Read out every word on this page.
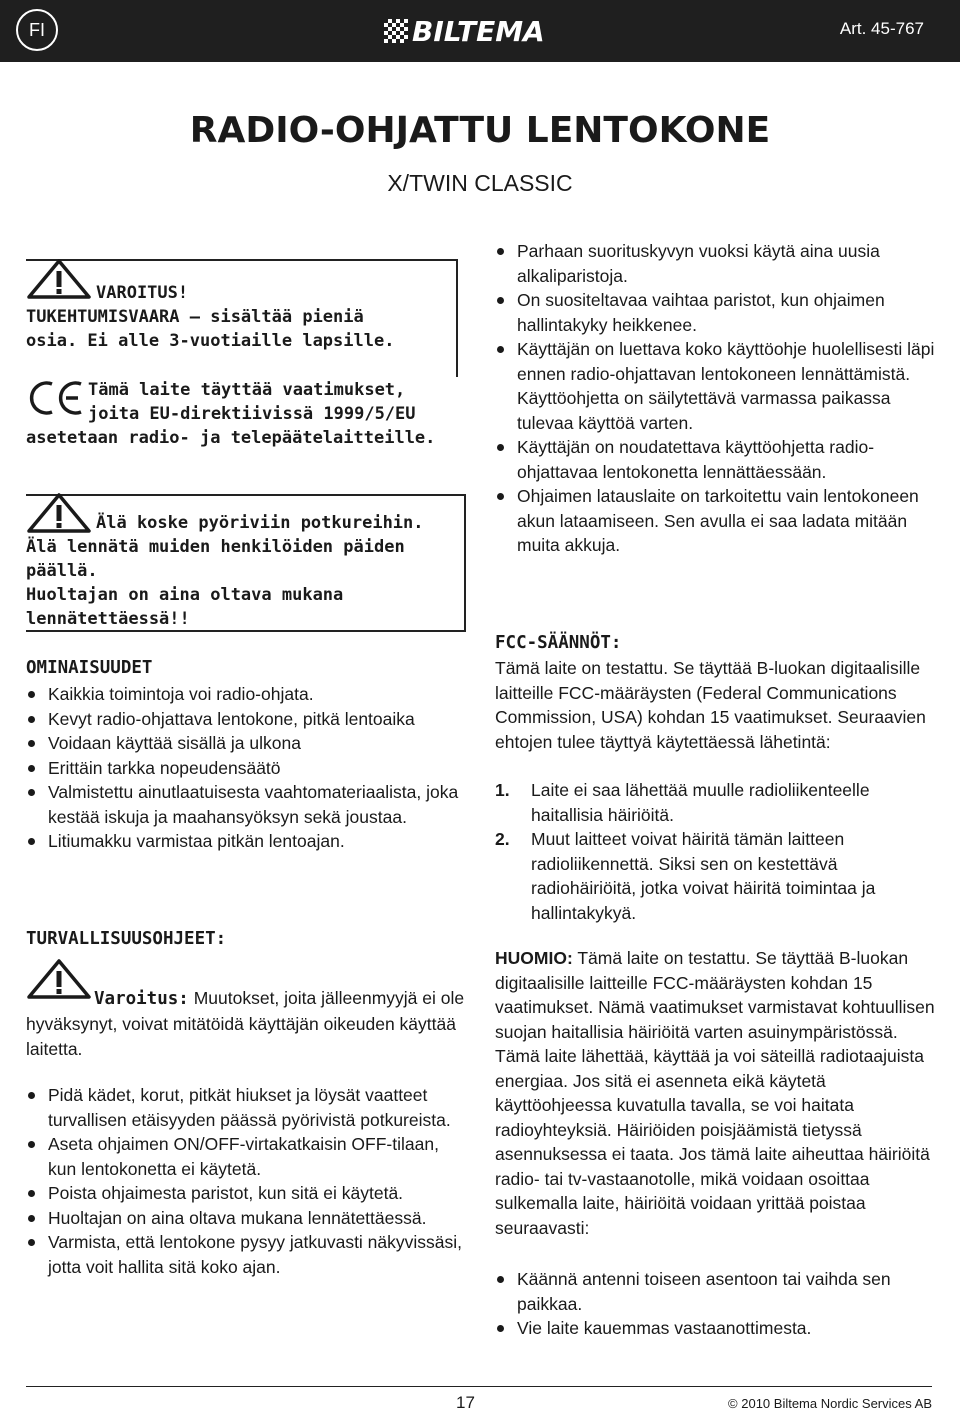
FI	BILTEMA	Art. 45-767
RADIO-OHJATTU LENTOKONE
X/TWIN CLASSIC
VAROITUS!
TUKEHTUMISVAARA – sisältää pieniä
osia. Ei alle 3-vuotiaille lapsille.
Tämä laite täyttää vaatimukset,
joita EU-direktiivissä 1999/5/EU
asetetaan radio- ja telepäätelaitteille.
Älä koske pyöriviin potkureihin.
Älä lennätä muiden henkilöiden päiden
päällä.
Huoltajan on aina oltava mukana
lennätettäessä!!
OMINAISUUDET
Kaikkia toimintoja voi radio-ohjata.
Kevyt radio-ohjattava lentokone, pitkä lentoaika
Voidaan käyttää sisällä ja ulkona
Erittäin tarkka nopeudensäätö
Valmistettu ainutlaatuisesta vaahtomateriaalista, joka kestää iskuja ja maahansyöksyn sekä joustaa.
Litiumakku varmistaa pitkän lentoajan.
TURVALLISUUSOHJEET:
Varoitus: Muutokset, joita jälleenmyyjä ei ole hyväksynyt, voivat mitätöidä käyttäjän oikeuden käyttää laitetta.
Pidä kädet, korut, pitkät hiukset ja löysät vaatteet turvallisen etäisyyden päässä pyörivistä potkureista.
Aseta ohjaimen ON/OFF-virtakatkaisin OFF-tilaan, kun lentokonetta ei käytetä.
Poista ohjaimesta paristot, kun sitä ei käytetä.
Huoltajan on aina oltava mukana lennätettäessä.
Varmista, että lentokone pysyy jatkuvasti näkyvissäsi, jotta voit hallita sitä koko ajan.
Parhaan suorituskyvyn vuoksi käytä aina uusia alkaliparistoja.
On suositeltavaa vaihtaa paristot, kun ohjaimen hallintakyky heikkenee.
Käyttäjän on luettava koko käyttöohje huolellisesti läpi ennen radio-ohjattavan lentokoneen lennättämistä. Käyttöohjetta on säilytettävä varmassa paikassa tulevaa käyttöä varten.
Käyttäjän on noudatettava käyttöohjetta radio-ohjattavaa lentokonetta lennättäessään.
Ohjaimen latauslaite on tarkoitettu vain lentokoneen akun lataamiseen. Sen avulla ei saa ladata mitään muita akkuja.
FCC-SÄÄNNÖT:
Tämä laite on testattu. Se täyttää B-luokan digitaalisille laitteille FCC-määräysten (Federal Communications Commission, USA) kohdan 15 vaatimukset. Seuraavien ehtojen tulee täyttyä käytettäessä lähetintä:
1. Laite ei saa lähettää muulle radioliikenteelle haitallisia häiriöitä.
2. Muut laitteet voivat häiritä tämän laitteen radioliikennettä. Siksi sen on kestettävä radiohäiriöitä, jotka voivat häiritä toimintaa ja hallintakykyä.
HUOMIO: Tämä laite on testattu. Se täyttää B-luokan digitaalisille laitteille FCC-määräysten kohdan 15 vaatimukset. Nämä vaatimukset varmistavat kohtuullisen suojan haitallisia häiriöitä varten asuinympäristössä. Tämä laite lähettää, käyttää ja voi säteillä radiotaajuista energiaa. Jos sitä ei asenneta eikä käytetä käyttöohjeessa kuvatulla tavalla, se voi haitata radioyhteyksiä. Häiriöiden poisjäämistä tietyssä asennuksessa ei taata. Jos tämä laite aiheuttaa häiriöitä radio- tai tv-vastaanotolle, mikä voidaan osoittaa sulkemalla laite, häiriöitä voidaan yrittää poistaa seuraavasti:
Käännä antenni toiseen asentoon tai vaihda sen paikkaa.
Vie laite kauemmas vastaanottimesta.
17	© 2010 Biltema Nordic Services AB
